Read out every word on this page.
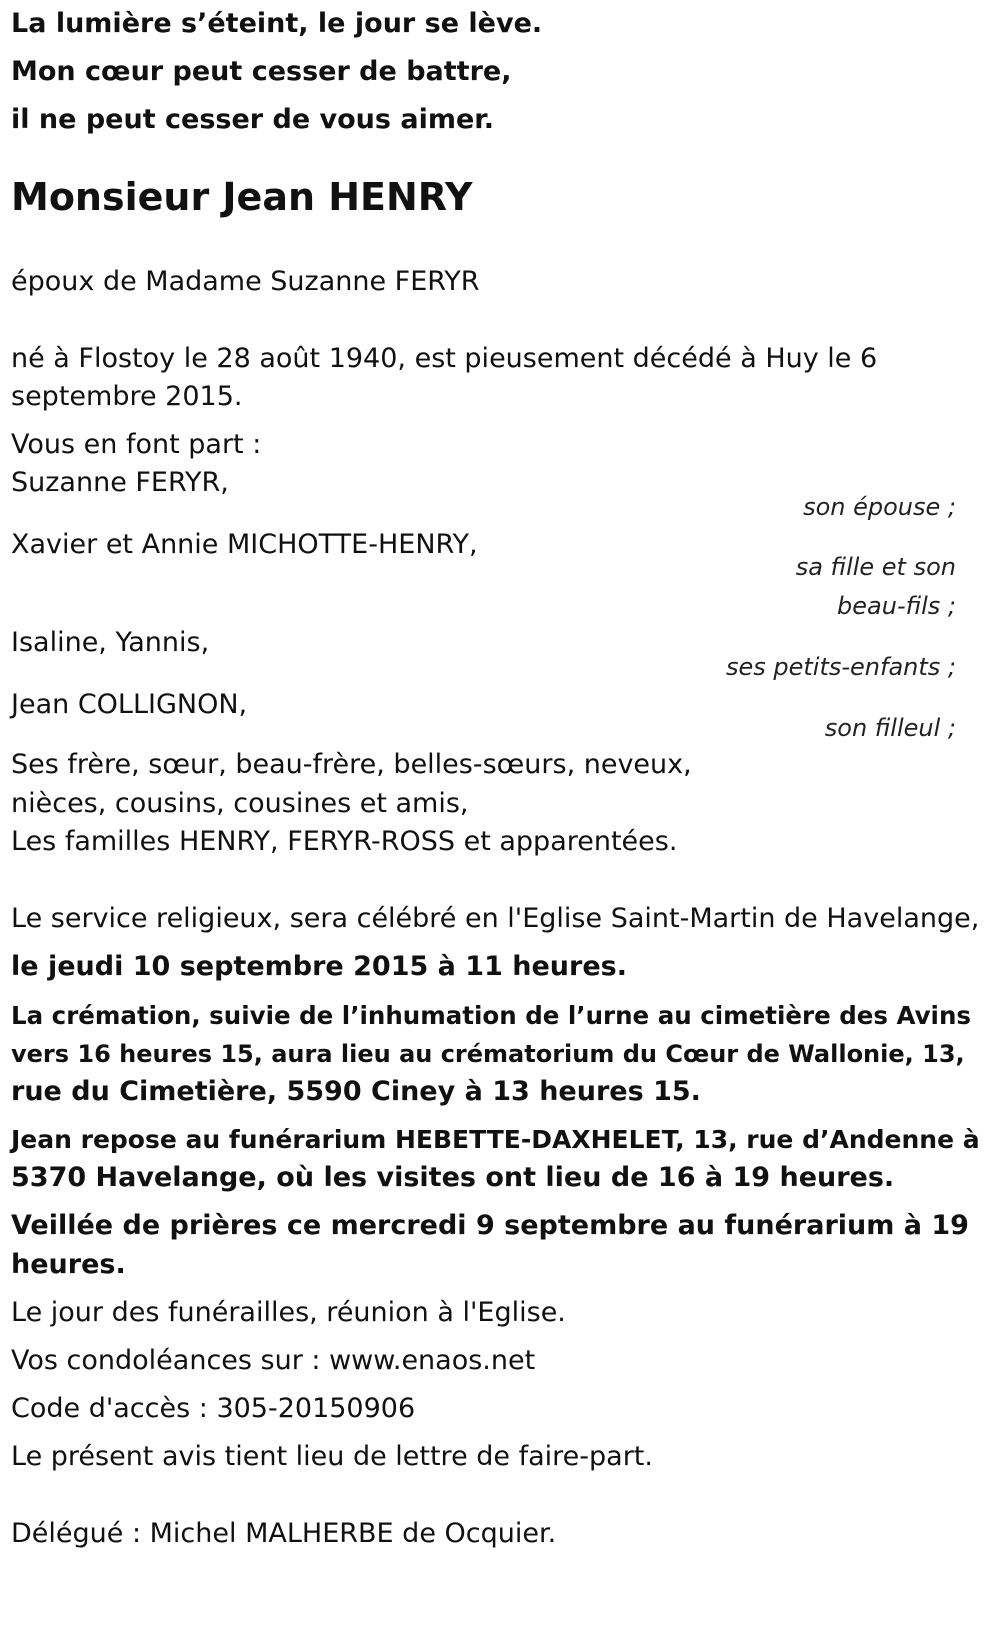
La lumière s’éteint, le jour se lève.

Mon cœur peut cesser de battre,

il ne peut cesser de vous aimer.

Monsieur Jean HENRY

époux de Madame Suzanne FERYR

né à Flostoy le 28 août 1940, est pieusement décédé à Huy le 6

septembre 2015.

Vous en font part :

Suzanne FERYR,

son épouse ;

Xavier et Annie MICHOTTE-HENRY,

sa fille et son

beau-fils ;

Isaline, Yannis,

ses petits-enfants ;

Jean COLLIGNON,

son filleul ;

Ses frère, sœur, beau-frère, belles-sœurs, neveux,

nièces, cousins, cousines et amis,

Les familles HENRY, FERYR-ROSS et apparentées.

Le service religieux, sera célébré en l'Eglise Saint-Martin de Havelange,

le jeudi 10 septembre 2015 à 11 heures.

La crémation, suivie de l’inhumation de l’urne au cimetière des Avins

vers 16 heures 15, aura lieu au crématorium du Cœur de Wallonie, 13,

rue du Cimetière, 5590 Ciney à 13 heures 15.

Jean repose au funérarium HEBETTE-DAXHELET, 13, rue d’Andenne à

5370 Havelange, où les visites ont lieu de 16 à 19 heures.

Veillée de prières ce mercredi 9 septembre au funérarium à 19

heures.

Le jour des funérailles, réunion à l'Eglise.

Vos condoléances sur : www.enaos.net

Code d'accès : 305-20150906

Le présent avis tient lieu de lettre de faire-part.

Délégué : Michel MALHERBE de Ocquier.
